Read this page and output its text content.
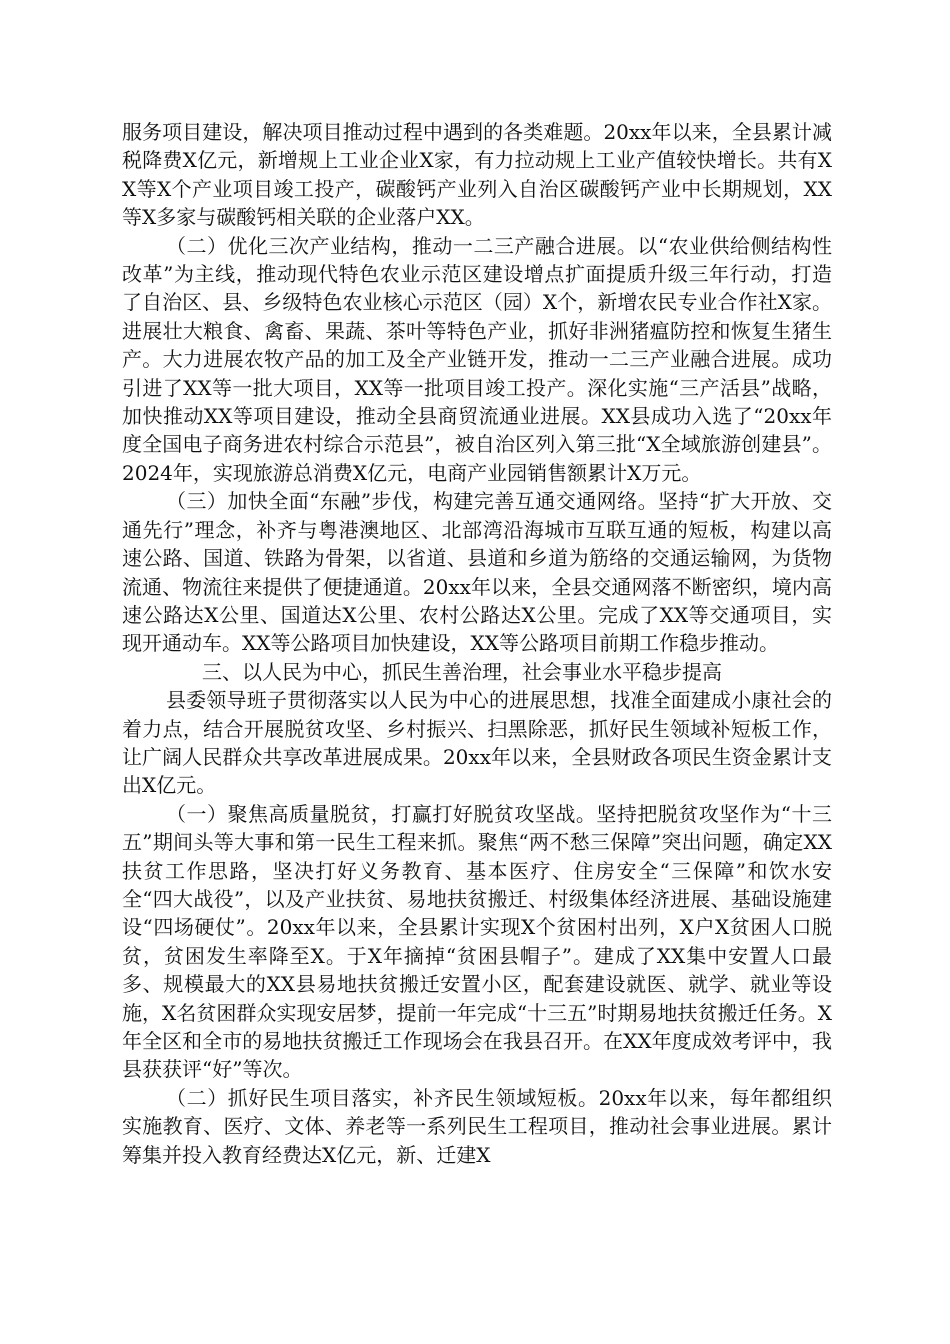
服务项目建设，解决项目推动过程中遇到的各类难题。20xx年以来，全县累计减税降费X亿元，新增规上工业企业X家，有力拉动规上工业产值较快增长。共有XX等X个产业项目竣工投产，碳酸钙产业列入自治区碳酸钙产业中长期规划，XX等X多家与碳酸钙相关联的企业落户XX。

（二）优化三次产业结构，推动一二三产融合进展。以“农业供给侧结构性改革”为主线，推动现代特色农业示范区建设增点扩面提质升级三年行动，打造了自治区、县、乡级特色农业核心示范区（园）X个，新增农民专业合作社X家。进展壮大粮食、禽畜、果蔬、茶叶等特色产业，抓好非洲猪瘟防控和恢复生猪生产。大力进展农牧产品的加工及全产业链开发，推动一二三产业融合进展。成功引进了XX等一批大项目，XX等一批项目竣工投产。深化实施“三产活县”战略，加快推动XX等项目建设，推动全县商贸流通业进展。XX县成功入选了“20xx年度全国电子商务进农村综合示范县”，被自治区列入第三批“X全域旅游创建县”。2024年，实现旅游总消费X亿元，电商产业园销售额累计X万元。

（三）加快全面“东融”步伐，构建完善互通交通网络。坚持“扩大开放、交通先行”理念，补齐与粤港澳地区、北部湾沿海城市互联互通的短板，构建以高速公路、国道、铁路为骨架，以省道、县道和乡道为筋络的交通运输网，为货物流通、物流往来提供了便捷通道。20xx年以来，全县交通网落不断密织，境内高速公路达X公里、国道达X公里、农村公路达X公里。完成了XX等交通项目，实现开通动车。XX等公路项目加快建设，XX等公路项目前期工作稳步推动。

三、以人民为中心，抓民生善治理，社会事业水平稳步提高

县委领导班子贯彻落实以人民为中心的进展思想，找准全面建成小康社会的着力点，结合开展脱贫攻坚、乡村振兴、扫黑除恶，抓好民生领域补短板工作，让广阔人民群众共享改革进展成果。20xx年以来，全县财政各项民生资金累计支出X亿元。

（一）聚焦高质量脱贫，打赢打好脱贫攻坚战。坚持把脱贫攻坚作为“十三五”期间头等大事和第一民生工程来抓。聚焦“两不愁三保障”突出问题，确定XX扶贫工作思路，坚决打好义务教育、基本医疗、住房安全“三保障”和饮水安全“四大战役”，以及产业扶贫、易地扶贫搬迁、村级集体经济进展、基础设施建设“四场硬仗”。20xx年以来，全县累计实现X个贫困村出列，X户X贫困人口脱贫，贫困发生率降至X。于X年摘掉“贫困县帽子”。建成了XX集中安置人口最多、规模最大的XX县易地扶贫搬迁安置小区，配套建设就医、就学、就业等设施，X名贫困群众实现安居梦，提前一年完成“十三五”时期易地扶贫搬迁任务。X年全区和全市的易地扶贫搬迁工作现场会在我县召开。在XX年度成效考评中，我县获获评“好”等次。

（二）抓好民生项目落实，补齐民生领域短板。20xx年以来，每年都组织实施教育、医疗、文体、养老等一系列民生工程项目，推动社会事业进展。累计筹集并投入教育经费达X亿元，新、迁建X
